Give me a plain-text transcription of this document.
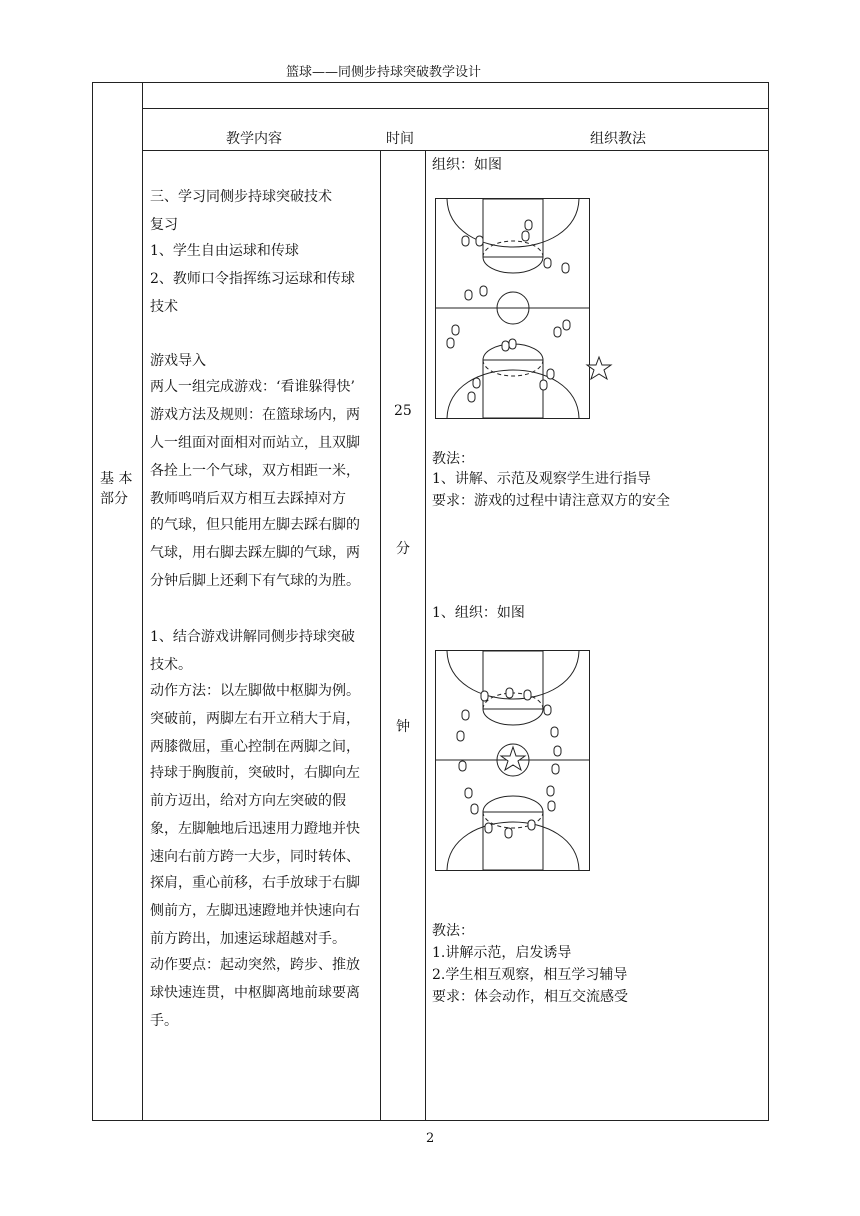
篮球——同侧步持球突破教学设计
教学内容	时间	组织教法
基 本
部分
25
分
钟
三、学习同侧步持球突破技术
复习
1、学生自由运球和传球
2、教师口令指挥练习运球和传球
技术
游戏导入
两人一组完成游戏：‘看谁躲得快’
游戏方法及规则：在篮球场内，两
人一组面对面相对而站立，且双脚
各拴上一个气球，双方相距一米，
教师鸣哨后双方相互去踩掉对方
的气球，但只能用左脚去踩右脚的
气球，用右脚去踩左脚的气球，两
分钟后脚上还剩下有气球的为胜。
1、结合游戏讲解同侧步持球突破
技术。
动作方法：以左脚做中枢脚为例。
突破前，两脚左右开立稍大于肩，
两膝微屈，重心控制在两脚之间，
持球于胸腹前，突破时，右脚向左
前方迈出，给对方向左突破的假
象，左脚触地后迅速用力蹬地并快
速向右前方跨一大步，同时转体、
探肩，重心前移，右手放球于右脚
侧前方，左脚迅速蹬地并快速向右
前方跨出，加速运球超越对手。
动作要点：起动突然，跨步、推放
球快速连贯，中枢脚离地前球要离
手。
组织：如图
教法：
1、讲解、示范及观察学生进行指导
要求：游戏的过程中请注意双方的安全
1、组织：如图
教法：
1.讲解示范，启发诱导
2.学生相互观察，相互学习辅导
要求：体会动作，相互交流感受
2
